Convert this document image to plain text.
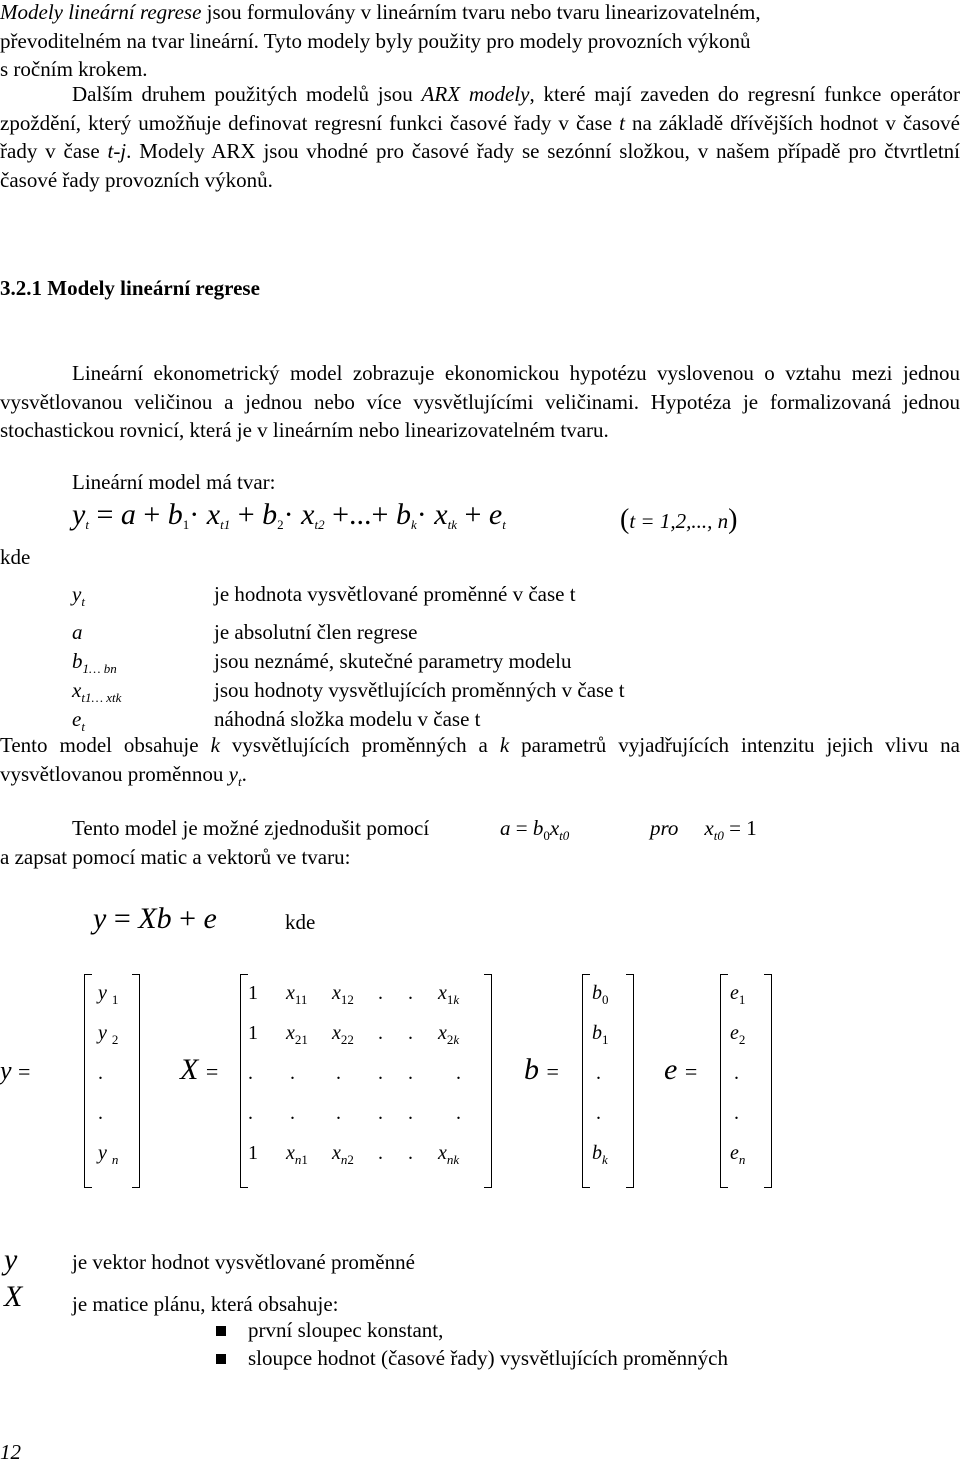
Modely lineární regrese jsou formulovány v lineárním tvaru nebo tvaru linearizovatelném,

převoditelném na tvar lineární. Tyto modely byly použity pro modely provozních výkonů

s ročním krokem.

Dalším druhem použitých modelů jsou ARX modely, které mají zaveden do regresní funkce operátor zpoždění, který umožňuje definovat regresní funkci časové řady v čase t na základě dřívějších hodnot v časové řady v čase t-j. Modely ARX jsou vhodné pro časové řady se sezónní složkou, v našem případě pro čtvrtletní časové řady provozních výkonů.
3.2.1 Modely lineární regrese
Lineární ekonometrický model zobrazuje ekonomickou hypotézu vyslovenou o vztahu mezi jednou vysvětlovanou veličinou a jednou nebo více vysvětlujícími veličinami. Hypotéza je formalizovaná jednou stochastickou rovnicí, která je v lineárním nebo linearizovatelném tvaru.
Lineární model má tvar:
$y_t = a + b_1\cdot x_{t1} + b_2\cdot x_{t2}$ +...+ $b_k\cdot x_{tk} + e_t$	(t = 1,2,..., n)
kde
$y_t$	je hodnota vysvětlované proměnné v čase t
a	je absolutní člen regrese
$b_{1\dots bn}$	jsou neznámé, skutečné parametry modelu
$x_{t1\dots xtk}$	jsou hodnoty vysvětlujících proměnných v čase t
$e_t$	náhodná složka modelu v čase t
Tento model obsahuje k vysvětlujících proměnných a k parametrů vyjadřujících intenzitu jejich vlivu na vysvětlovanou proměnnou $y_t$.
Tento model je možné zjednodušit pomocí	$a = b_0x_{t0}$	pro $x_{t0} = 1$
a zapsat pomocí matic a vektorů ve tvaru:
y = Xb + e	kde
y =
y $_1$
y $_2$
.
.
y $_n$
X =
1 $x_{11}$ $x_{12}$ . . $x_{1k}$
1 $x_{21}$ $x_{22}$ . . $x_{2k}$
. . . . . .
. . . . . .
1 $x_{n1}$ $x_{n2}$ . . $x_{nk}$
b =
$b_0$
$b_1$
.
.
$b_k$
e =
$e_1$
$e_2$
.
.
$e_n$
y	je vektor hodnot vysvětlované proměnné
X je matice plánu, která obsahuje:
první sloupec konstant,
sloupce hodnot (časové řady) vysvětlujících proměnných
12
